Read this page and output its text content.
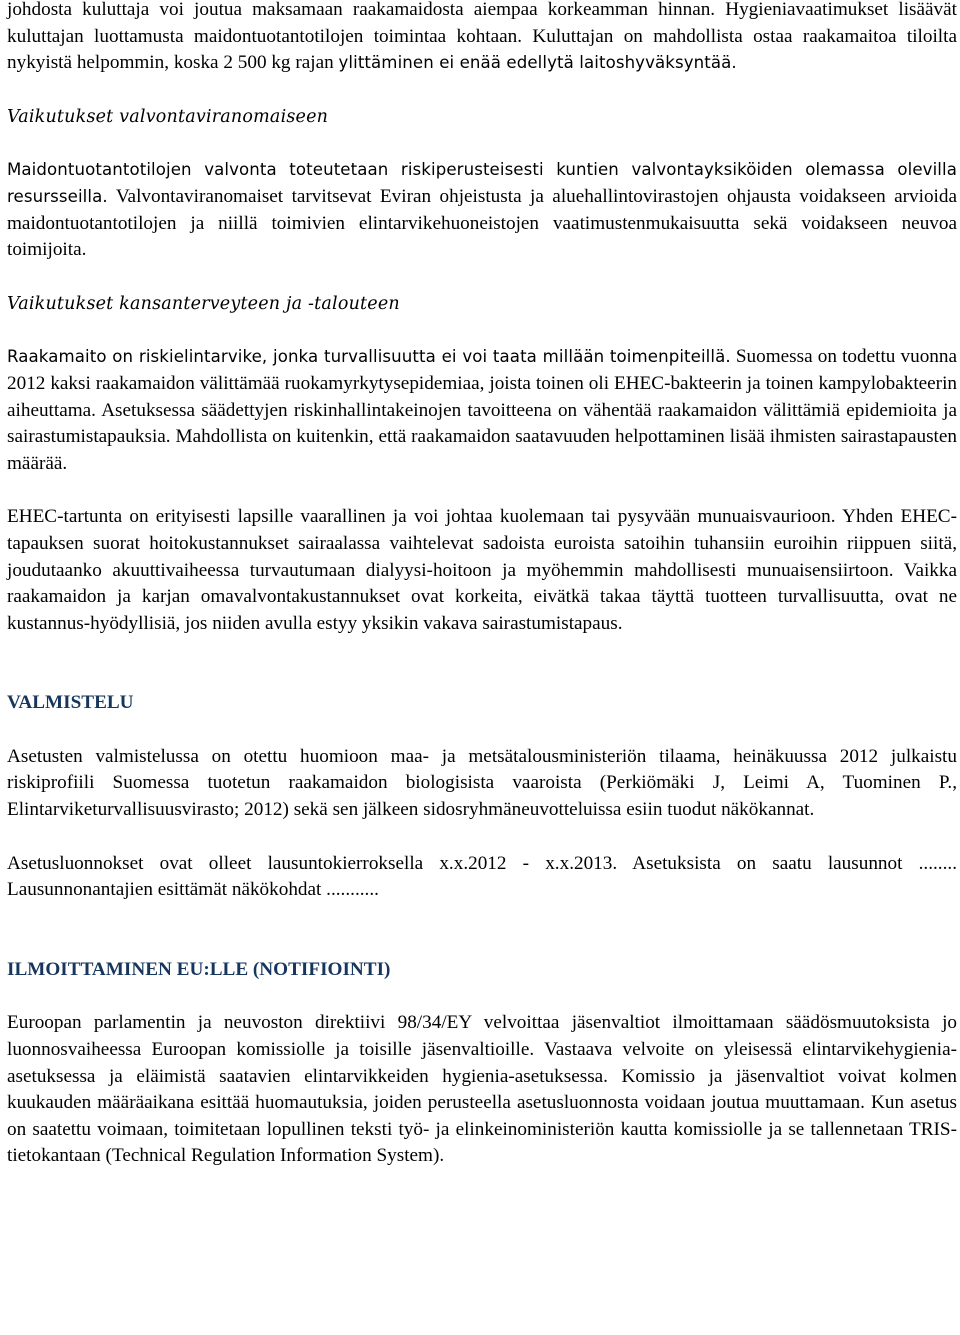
johdosta kuluttaja voi joutua maksamaan raakamaidosta aiempaa korkeamman hinnan. Hygieniavaatimukset lisäävät kuluttajan luottamusta maidontuotantotilojen toimintaa kohtaan. Kuluttajan on mahdollista ostaa raakamaitoa tiloilta nykyistä helpommin, koska 2 500 kg rajan ylittäminen ei enää edellytä laitoshyväksyntää.

Vaikutukset valvontaviranomaiseen

Maidontuotantotilojen valvonta toteutetaan riskiperusteisesti kuntien valvontayksiköiden olemassa olevilla resursseilla. Valvontaviranomaiset tarvitsevat Eviran ohjeistusta ja aluehallintovirastojen ohjausta voidakseen arvioida maidontuotantotilojen ja niillä toimivien elintarvikehuoneistojen vaatimustenmukaisuutta sekä voidakseen neuvoa toimijoita.

Vaikutukset kansanterveyteen ja -talouteen

Raakamaito on riskielintarvike, jonka turvallisuutta ei voi taata millään toimenpiteillä. Suomessa on todettu vuonna 2012 kaksi raakamaidon välittämää ruokamyrkytysepidemiaa, joista toinen oli EHEC-bakteerin ja toinen kampylobakteerin aiheuttama. Asetuksessa säädettyjen riskinhallintakeinojen tavoitteena on vähentää raakamaidon välittämiä epidemioita ja sairastumistapauksia. Mahdollista on kuitenkin, että raakamaidon saatavuuden helpottaminen lisää ihmisten sairastapausten määrää.

EHEC-tartunta on erityisesti lapsille vaarallinen ja voi johtaa kuolemaan tai pysyvään munuaisvaurioon. Yhden EHEC-tapauksen suorat hoitokustannukset sairaalassa vaihtelevat sadoista euroista satoihin tuhansiin euroihin riippuen siitä, joudutaanko akuuttivaiheessa turvautumaan dialyysi-hoitoon ja myöhemmin mahdollisesti munuaisensiirtoon. Vaikka raakamaidon ja karjan omavalvontakustannukset ovat korkeita, eivätkä takaa täyttä tuotteen turvallisuutta, ovat ne kustannus-hyödyllisiä, jos niiden avulla estyy yksikin vakava sairastumistapaus.

VALMISTELU

Asetusten valmistelussa on otettu huomioon maa- ja metsätalousministeriön tilaama, heinäkuussa 2012 julkaistu riskiprofiili Suomessa tuotetun raakamaidon biologisista vaaroista (Perkiömäki J, Leimi A, Tuominen P., Elintarviketurvallisuusvirasto; 2012) sekä sen jälkeen sidosryhmäneuvotteluissa esiin tuodut näkökannat.

Asetusluonnokset ovat olleet lausuntokierroksella x.x.2012 - x.x.2013. Asetuksista on saatu lausunnot ........ Lausunnonantajien esittämät näkökohdat ...........

ILMOITTAMINEN EU:LLE (NOTIFIOINTI)

Euroopan parlamentin ja neuvoston direktiivi 98/34/EY velvoittaa jäsenvaltiot ilmoittamaan säädösmuutoksista jo luonnosvaiheessa Euroopan komissiolle ja toisille jäsenvaltioille. Vastaava velvoite on yleisessä elintarvikehygienia-asetuksessa ja eläimistä saatavien elintarvikkeiden hygienia-asetuksessa. Komissio ja jäsenvaltiot voivat kolmen kuukauden määräaikana esittää huomautuksia, joiden perusteella asetusluonnosta voidaan joutua muuttamaan. Kun asetus on saatettu voimaan, toimitetaan lopullinen teksti työ- ja elinkeinoministeriön kautta komissiolle ja se tallennetaan TRIS-tietokantaan (Technical Regulation Information System).
